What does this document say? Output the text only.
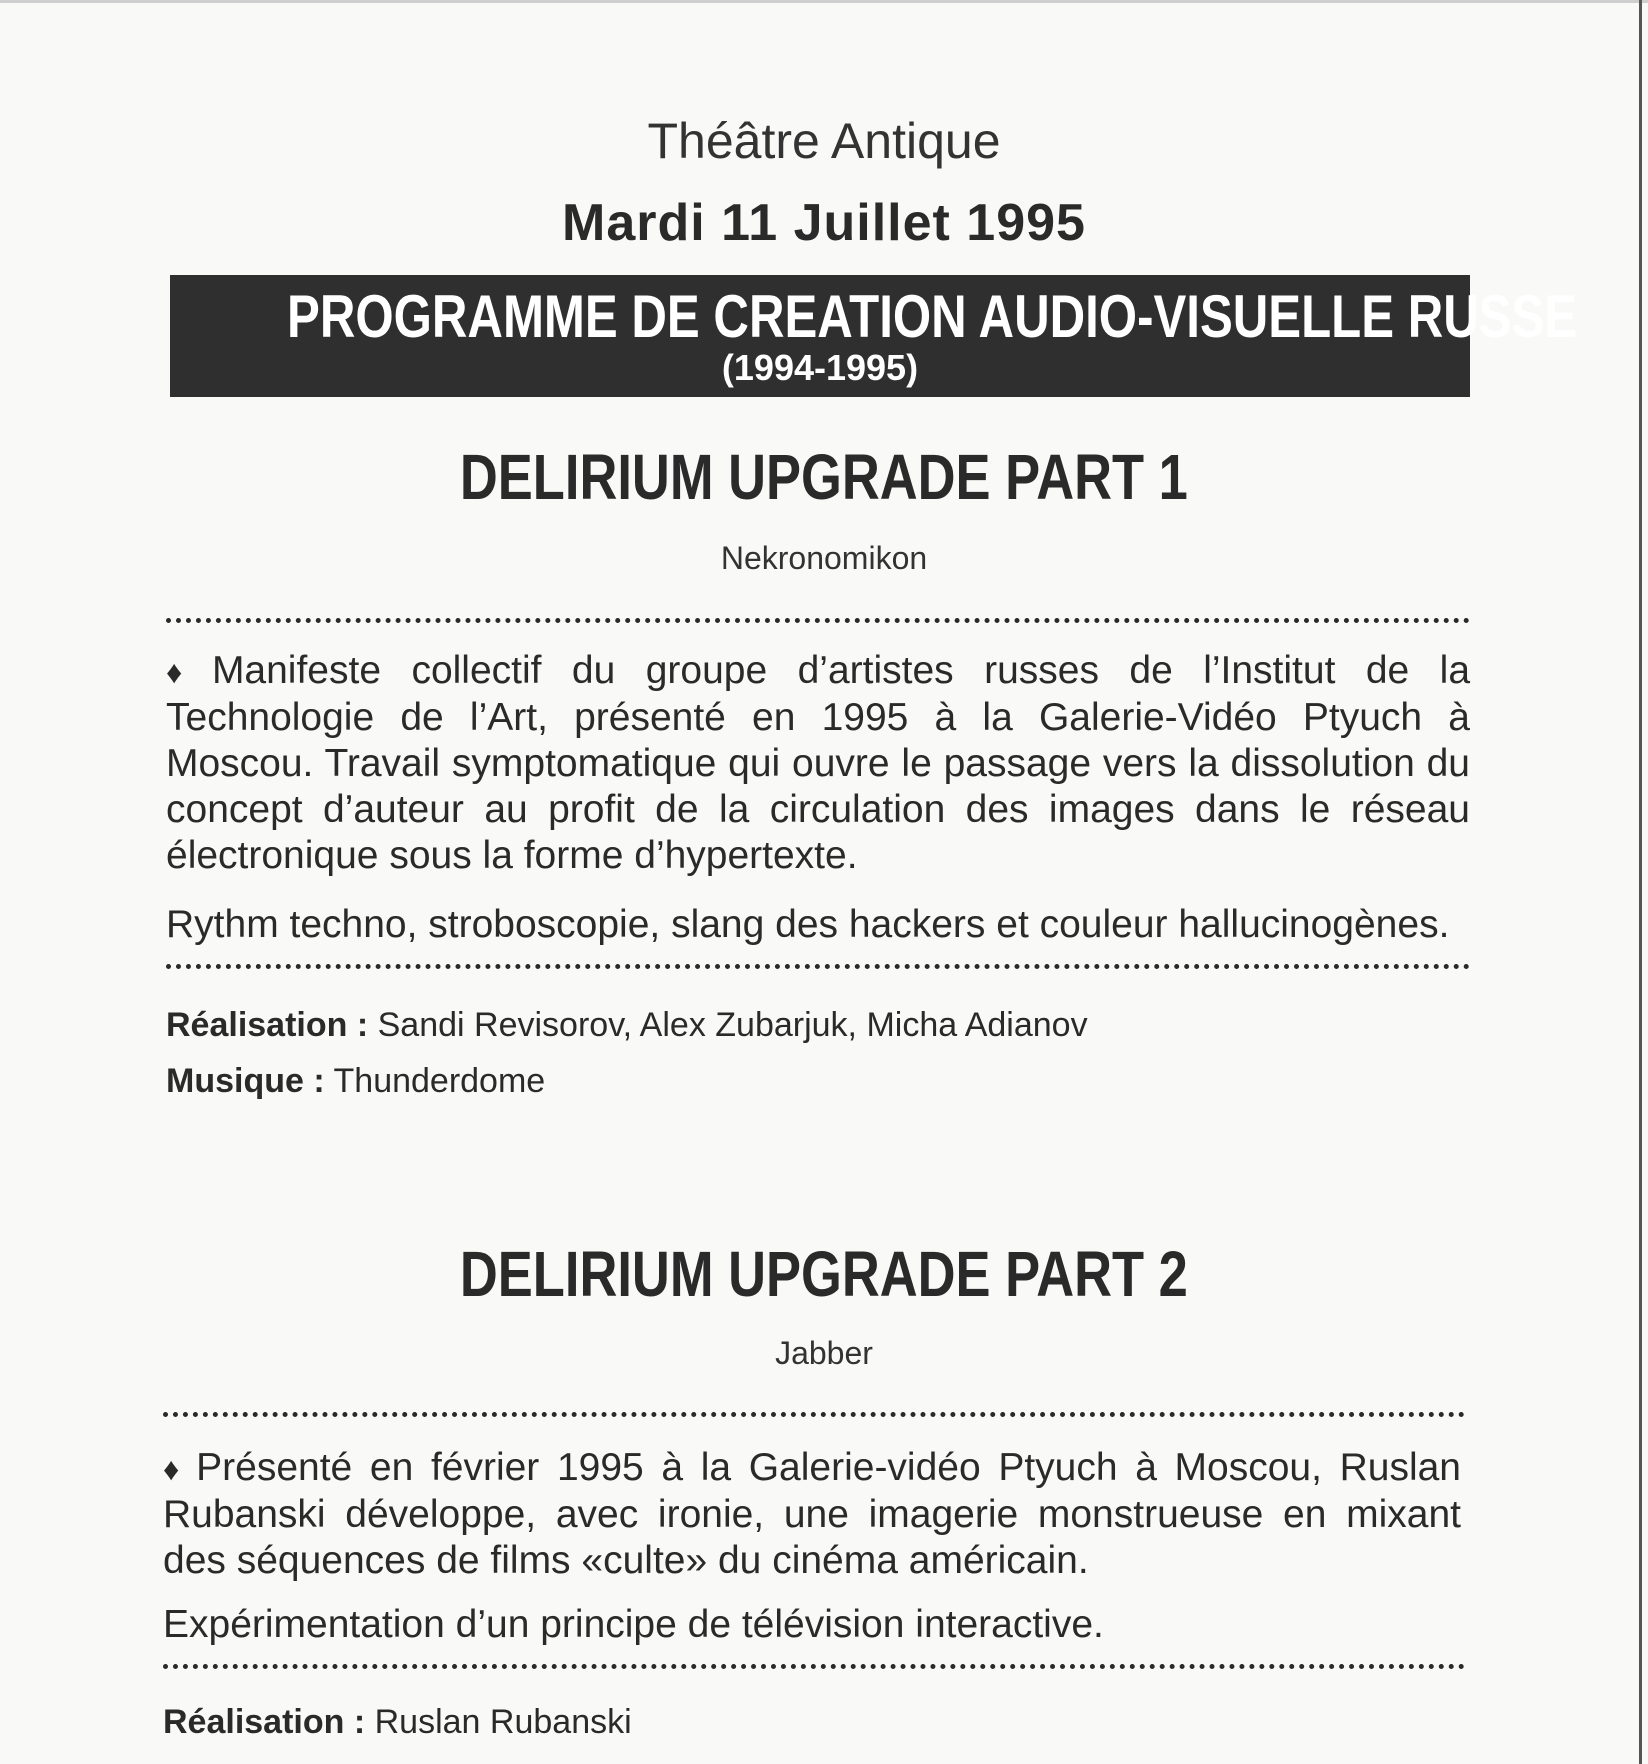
Théâtre Antique
Mardi 11 Juillet 1995
PROGRAMME DE CREATION AUDIO-VISUELLE RUSSE
(1994-1995)
DELIRIUM UPGRADE PART 1
Nekronomikon
♦ Manifeste collectif du groupe d’artistes russes de l’Institut de la Technologie de l’Art, présenté en 1995 à la Galerie-Vidéo Ptyuch à Moscou. Travail symptomatique qui ouvre le passage vers la dissolution du concept d’auteur au profit de la circulation des images dans le réseau électronique sous la forme d’hypertexte.
Rythm techno, stroboscopie, slang des hackers et couleur hallucinogènes.
Réalisation : Sandi Revisorov, Alex Zubarjuk, Micha Adianov
Musique : Thunderdome
DELIRIUM UPGRADE PART 2
Jabber
♦ Présenté en février 1995 à la Galerie-vidéo Ptyuch à Moscou, Ruslan Rubanski développe, avec ironie, une imagerie monstrueuse en mixant des séquences de films «culte» du cinéma américain.
Expérimentation d’un principe de télévision interactive.
Réalisation : Ruslan Rubanski
